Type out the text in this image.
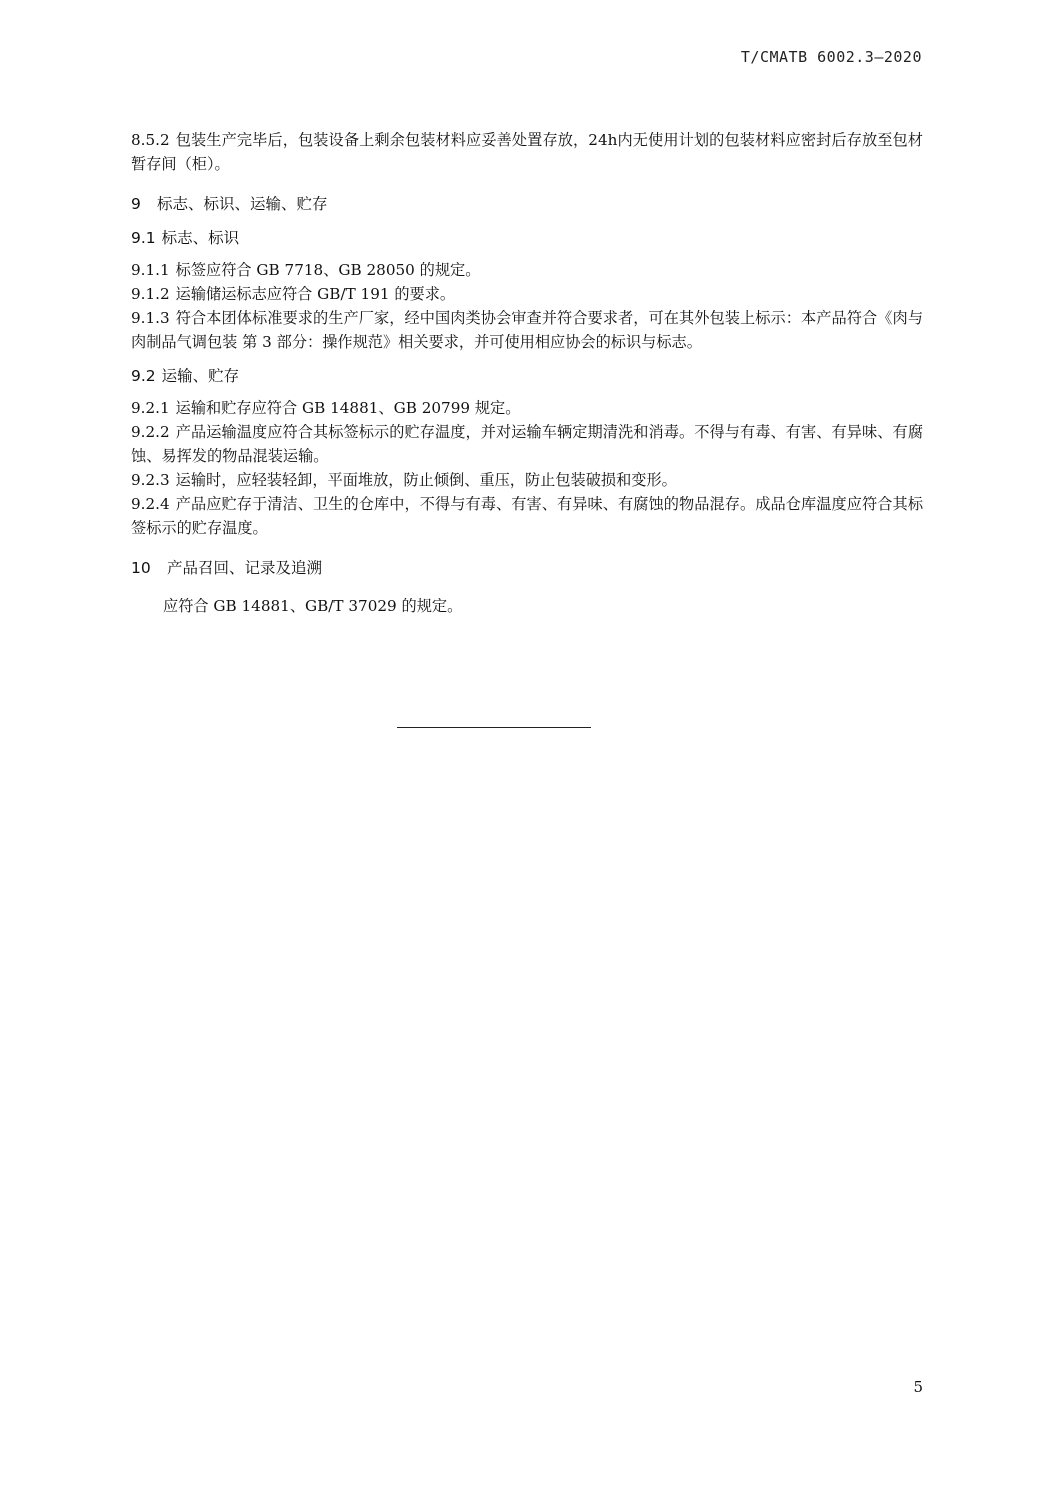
T/CMATB 6002.3—2020

8.5.2 包装生产完毕后，包装设备上剩余包装材料应妥善处置存放，24h内无使用计划的包装材料应密封后存放至包材暂存间（柜）。

9 标志、标识、运输、贮存
9.1 标志、标识

9.1.1 标签应符合 GB 7718、GB 28050 的规定。

9.1.2 运输储运标志应符合 GB/T 191 的要求。

9.1.3 符合本团体标准要求的生产厂家，经中国肉类协会审查并符合要求者，可在其外包装上标示：本产品符合《肉与肉制品气调包装 第 3 部分：操作规范》相关要求，并可使用相应协会的标识与标志。

9.2 运输、贮存

9.2.1 运输和贮存应符合 GB 14881、GB 20799 规定。

9.2.2 产品运输温度应符合其标签标示的贮存温度，并对运输车辆定期清洗和消毒。不得与有毒、有害、有异味、有腐蚀、易挥发的物品混装运输。

9.2.3 运输时，应轻装轻卸，平面堆放，防止倾倒、重压，防止包装破损和变形。

9.2.4 产品应贮存于清洁、卫生的仓库中，不得与有毒、有害、有异味、有腐蚀的物品混存。成品仓库温度应符合其标签标示的贮存温度。

10 产品召回、记录及追溯

应符合 GB 14881、GB/T 37029 的规定。

5
